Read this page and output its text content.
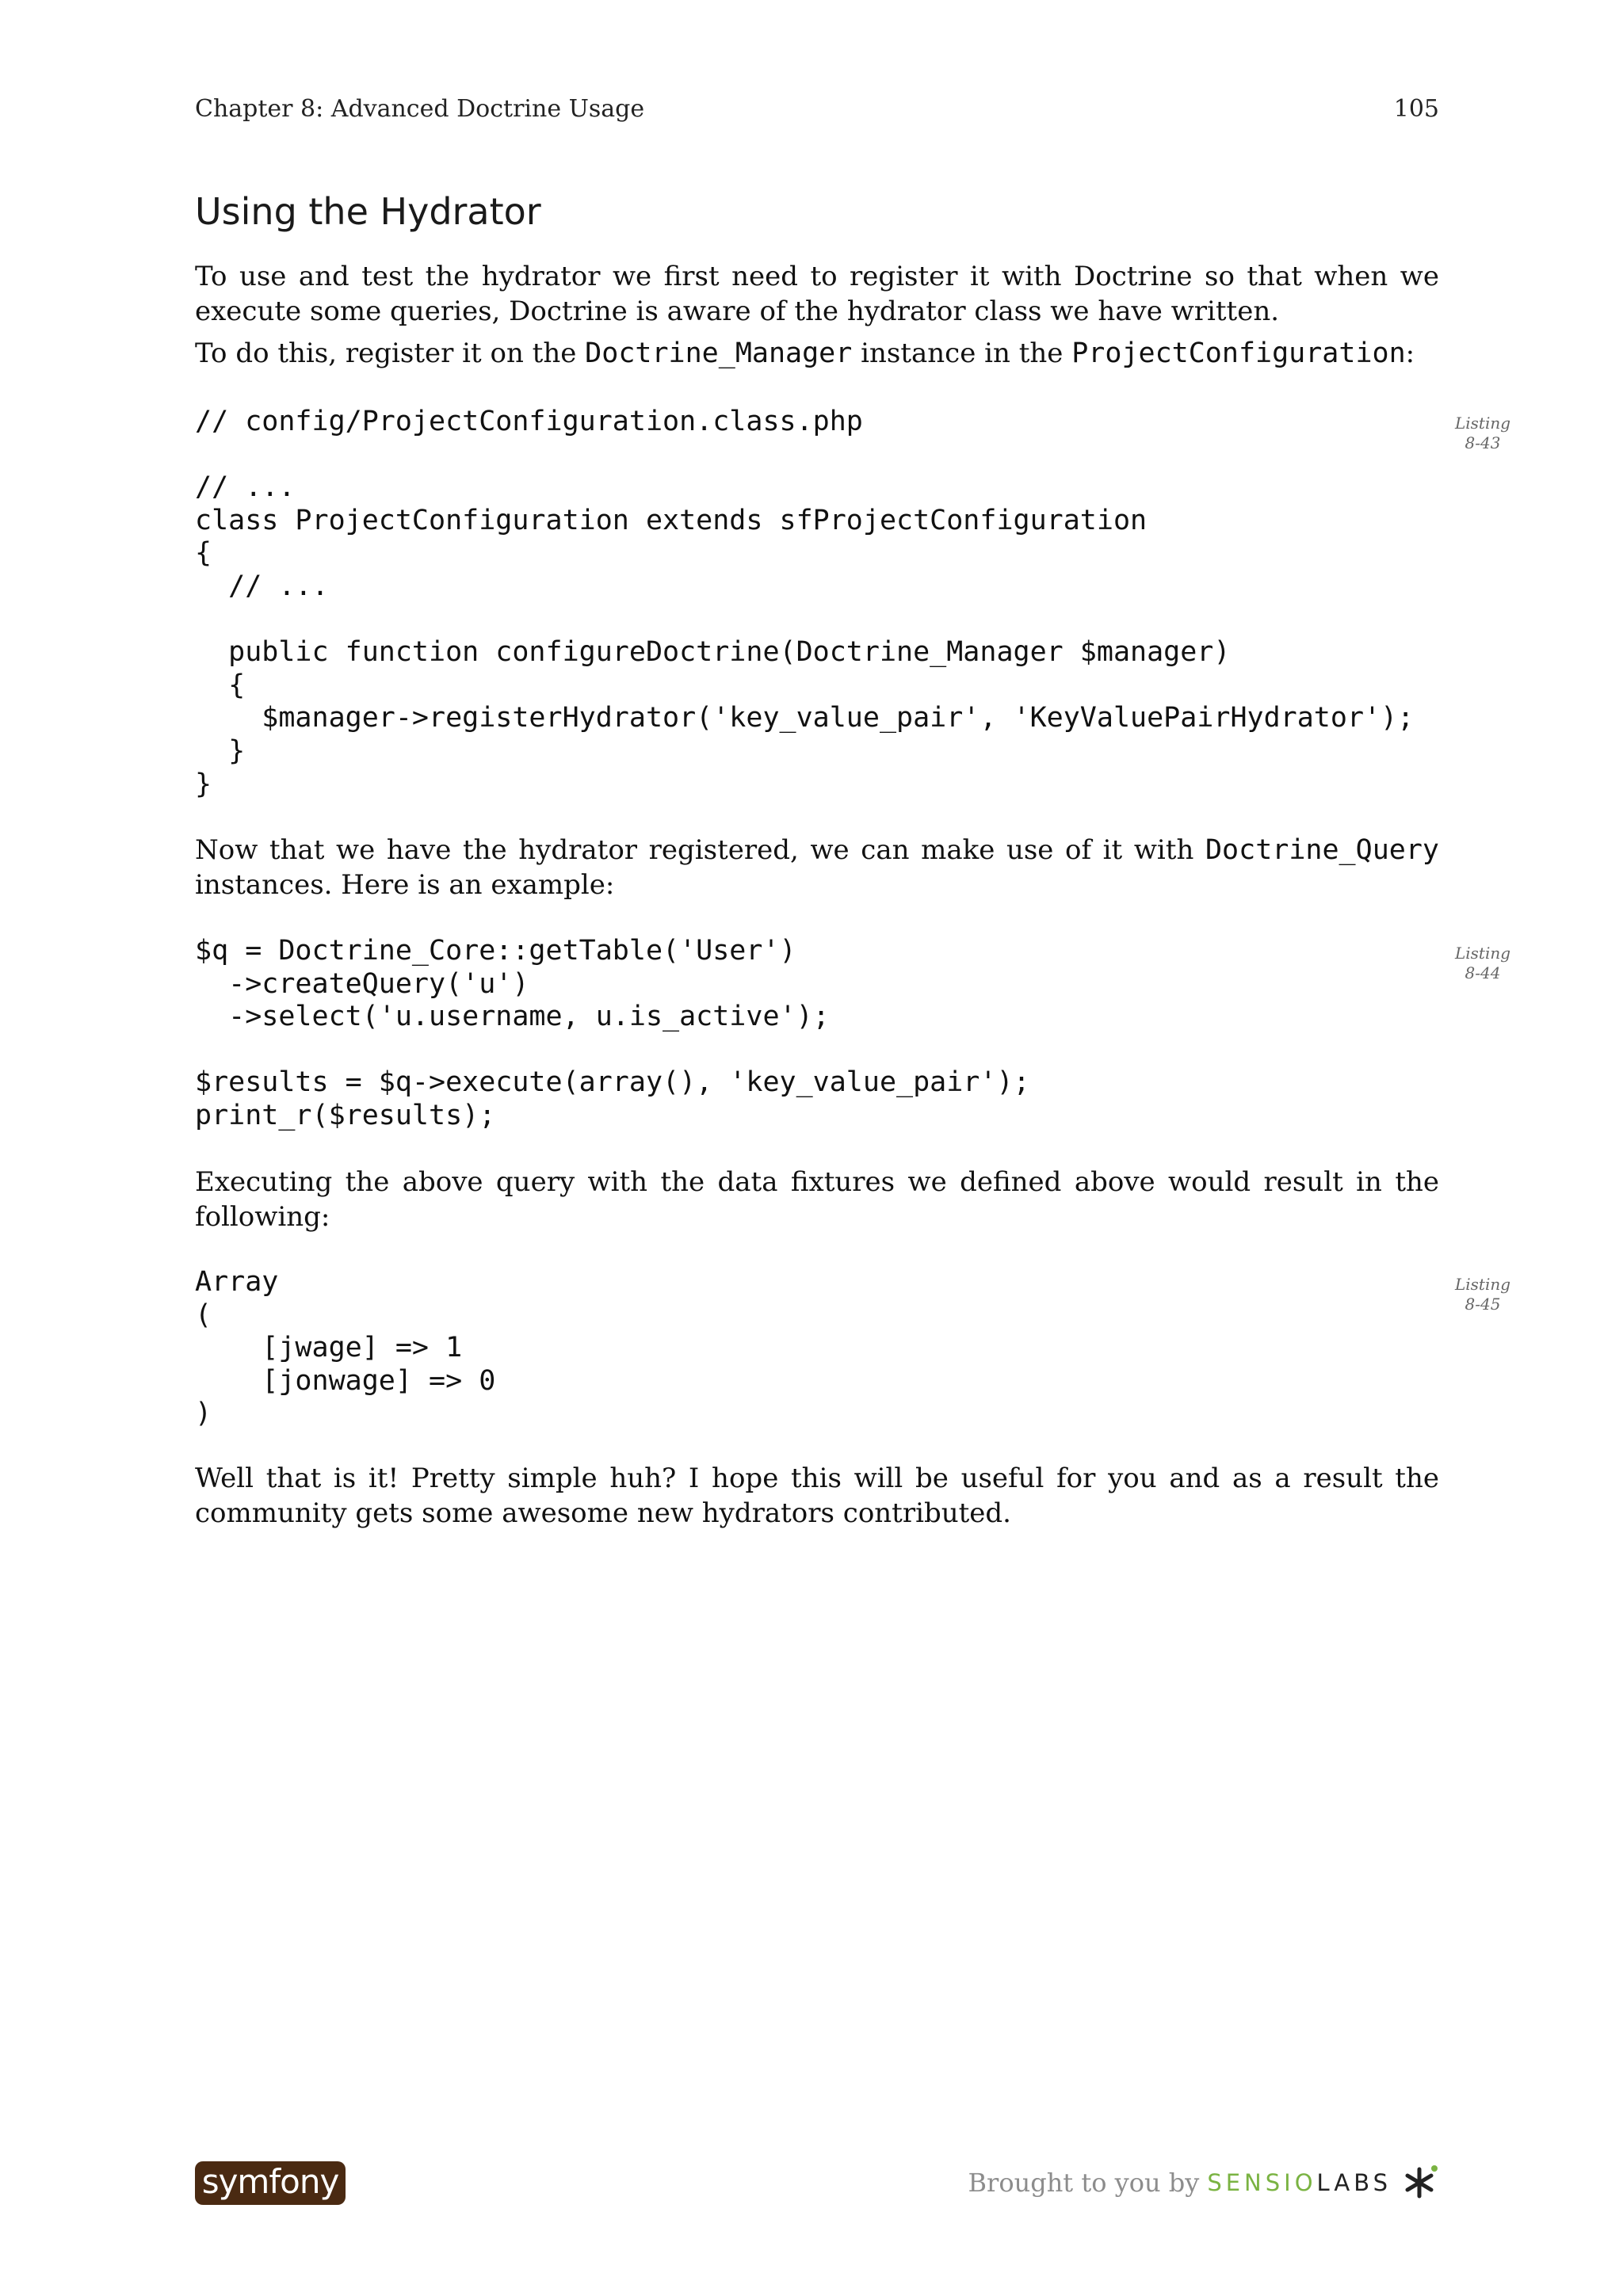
Chapter 8: Advanced Doctrine Usage	105
Using the Hydrator

To use and test the hydrator we first need to register it with Doctrine so that when we execute some queries, Doctrine is aware of the hydrator class we have written.

To do this, register it on the Doctrine_Manager instance in the ProjectConfiguration:

// config/ProjectConfiguration.class.php

// ...
class ProjectConfiguration extends sfProjectConfiguration
{
// ...

public function configureDoctrine(Doctrine_Manager $manager)
{
$manager->registerHydrator('key_value_pair', 'KeyValuePairHydrator');
}
}

Now that we have the hydrator registered, we can make use of it with Doctrine_Query instances. Here is an example:

$q = Doctrine_Core::getTable('User')
->createQuery('u')
->select('u.username, u.is_active');

$results = $q->execute(array(), 'key_value_pair');
print_r($results);

Executing the above query with the data fixtures we defined above would result in the following:

Array
(
[jwage] => 1
[jonwage] => 0
)

Well that is it! Pretty simple huh? I hope this will be useful for you and as a result the community gets some awesome new hydrators contributed.

Listing
8-43
Listing
8-44
Listing
8-45
symfony	Brought to you by SENSIOLABS
